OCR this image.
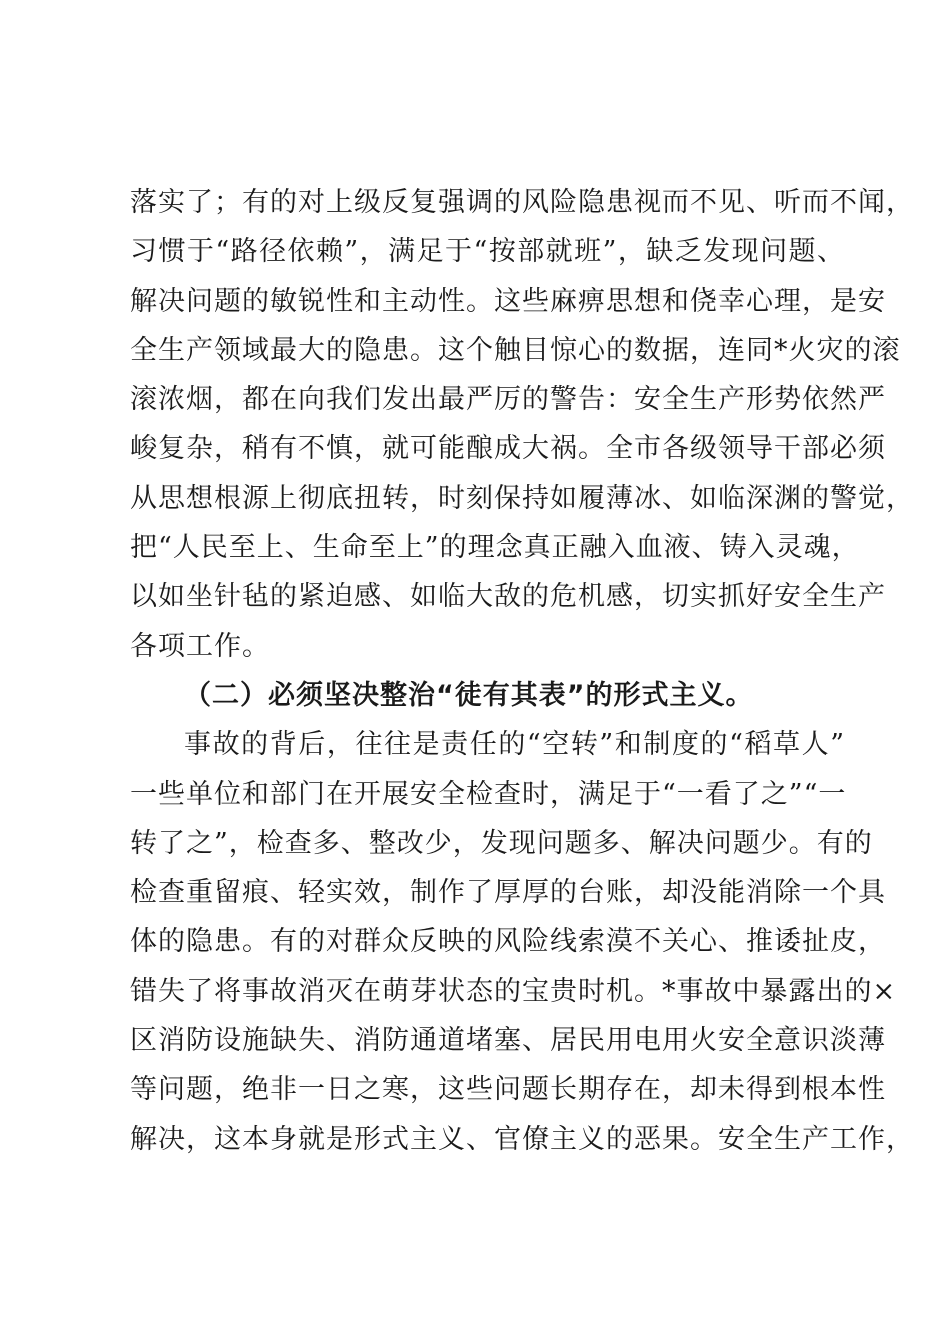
落实了；有的对上级反复强调的风险隐患视而不见、听而不闻，
习惯于“路径依赖”，满足于“按部就班”，缺乏发现问题、
解决问题的敏锐性和主动性。这些麻痹思想和侥幸心理，是安
全生产领域最大的隐患。这个触目惊心的数据，连同*火灾的滚
滚浓烟，都在向我们发出最严厉的警告：安全生产形势依然严
峻复杂，稍有不慎，就可能酿成大祸。全市各级领导干部必须
从思想根源上彻底扭转，时刻保持如履薄冰、如临深渊的警觉，
把“人民至上、生命至上”的理念真正融入血液、铸入灵魂，
以如坐针毡的紧迫感、如临大敌的危机感，切实抓好安全生产
各项工作。
（二）必须坚决整治“徒有其表”的形式主义。
事故的背后，往往是责任的“空转”和制度的“稻草人”
一些单位和部门在开展安全检查时，满足于“一看了之”“一
转了之”，检查多、整改少，发现问题多、解决问题少。有的
检查重留痕、轻实效，制作了厚厚的台账，却没能消除一个具
体的隐患。有的对群众反映的风险线索漠不关心、推诿扯皮，
错失了将事故消灭在萌芽状态的宝贵时机。*事故中暴露出的×
区消防设施缺失、消防通道堵塞、居民用电用火安全意识淡薄
等问题，绝非一日之寒，这些问题长期存在，却未得到根本性
解决，这本身就是形式主义、官僚主义的恶果。安全生产工作，
